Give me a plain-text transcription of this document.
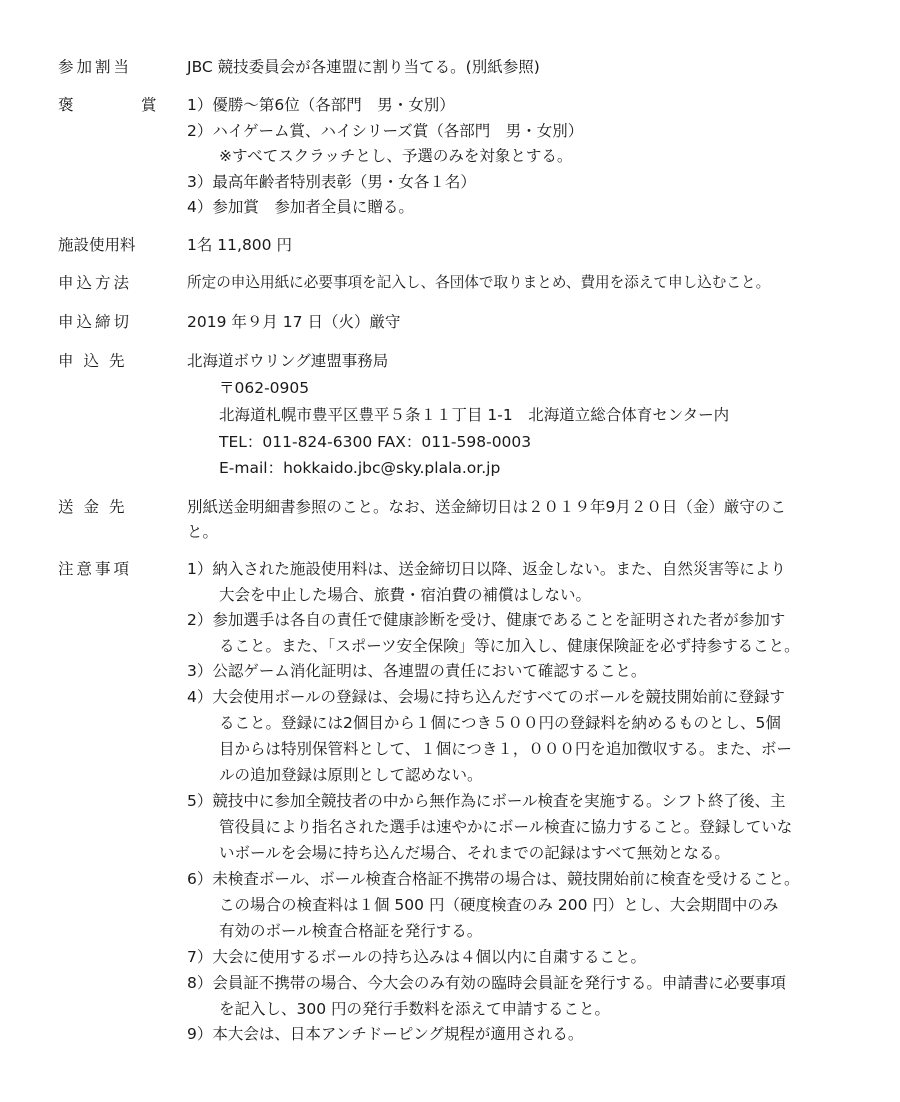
参加割当	JBC 競技委員会が各連盟に割り当てる。(別紙参照)
褒　賞 1）優勝～第6位（各部門　男・女別）
2）ハイゲーム賞、ハイシリーズ賞（各部門　男・女別）
※すべてスクラッチとし、予選のみを対象とする。
3）最高年齢者特別表彰（男・女各１名）
4）参加賞　参加者全員に贈る。
施設使用料	1名 11,800 円
申込方法	所定の申込用紙に必要事項を記入し、各団体で取りまとめ、費用を添えて申し込むこと。
申込締切	2019 年９月 17 日（火）厳守
申込先	北海道ボウリング連盟事務局
〒062-0905
北海道札幌市豊平区豊平５条１１丁目 1-1　北海道立総合体育センター内
TEL：011-824-6300 FAX：011-598-0003
E-mail：hokkaido.jbc@sky.plala.or.jp
送金先	別紙送金明細書参照のこと。なお、送金締切日は２０１９年9月２０日（金）厳守のこ
と。
注意事項	1）納入された施設使用料は、送金締切日以降、返金しない。また、自然災害等により
大会を中止した場合、旅費・宿泊費の補償はしない。
2）参加選手は各自の責任で健康診断を受け、健康であることを証明された者が参加す
ること。また、「スポーツ安全保険」等に加入し、健康保険証を必ず持参すること。
3）公認ゲーム消化証明は、各連盟の責任において確認すること。
4）大会使用ボールの登録は、会場に持ち込んだすべてのボールを競技開始前に登録す
ること。登録には2個目から１個につき５００円の登録料を納めるものとし、5個
目からは特別保管料として、１個につき１，０００円を追加徴収する。また、ボー
ルの追加登録は原則として認めない。
5）競技中に参加全競技者の中から無作為にボール検査を実施する。シフト終了後、主
管役員により指名された選手は速やかにボール検査に協力すること。登録していな
いボールを会場に持ち込んだ場合、それまでの記録はすべて無効となる。
6）未検査ボール、ボール検査合格証不携帯の場合は、競技開始前に検査を受けること。
この場合の検査料は１個 500 円（硬度検査のみ 200 円）とし、大会期間中のみ
有効のボール検査合格証を発行する。
7）大会に使用するボールの持ち込みは４個以内に自粛すること。
8）会員証不携帯の場合、今大会のみ有効の臨時会員証を発行する。申請書に必要事項
を記入し、300 円の発行手数料を添えて申請すること。
9）本大会は、日本アンチドーピング規程が適用される。
